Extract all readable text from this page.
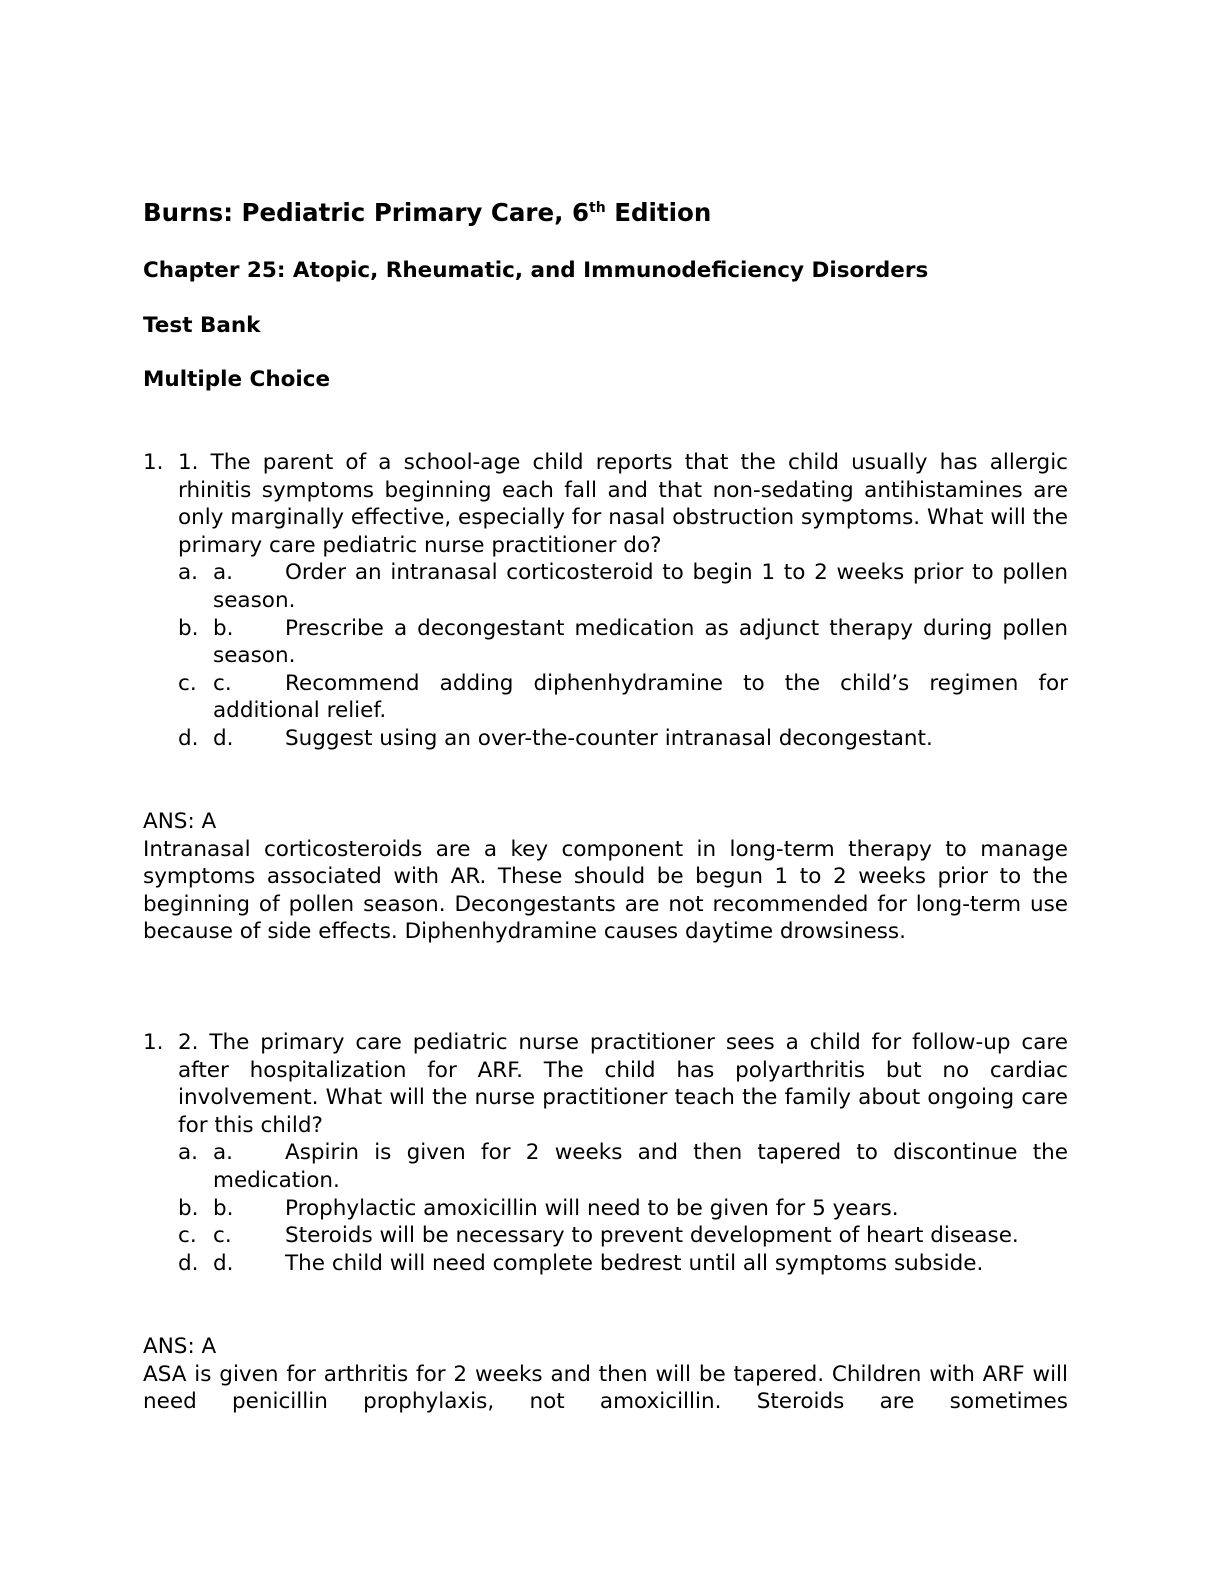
Burns: Pediatric Primary Care, 6th Edition
Chapter 25: Atopic, Rheumatic, and Immunodeficiency Disorders
Test Bank
Multiple Choice
1. 1. The parent of a school-age child reports that the child usually has allergic rhinitis symptoms beginning each fall and that non-sedating antihistamines are only marginally effective, especially for nasal obstruction symptoms. What will the primary care pediatric nurse practitioner do?
a. a. Order an intranasal corticosteroid to begin 1 to 2 weeks prior to pollen season.
b. b. Prescribe a decongestant medication as adjunct therapy during pollen season.
c. c. Recommend adding diphenhydramine to the child’s regimen for additional relief.
d. d. Suggest using an over-the-counter intranasal decongestant.
ANS: A
Intranasal corticosteroids are a key component in long-term therapy to manage symptoms associated with AR. These should be begun 1 to 2 weeks prior to the beginning of pollen season. Decongestants are not recommended for long-term use because of side effects. Diphenhydramine causes daytime drowsiness.
1. 2. The primary care pediatric nurse practitioner sees a child for follow-up care after hospitalization for ARF. The child has polyarthritis but no cardiac involvement. What will the nurse practitioner teach the family about ongoing care for this child?
a. a. Aspirin is given for 2 weeks and then tapered to discontinue the medication.
b. b. Prophylactic amoxicillin will need to be given for 5 years.
c. c. Steroids will be necessary to prevent development of heart disease.
d. d. The child will need complete bedrest until all symptoms subside.
ANS: A
ASA is given for arthritis for 2 weeks and then will be tapered. Children with ARF will need penicillin prophylaxis, not amoxicillin. Steroids are sometimes
